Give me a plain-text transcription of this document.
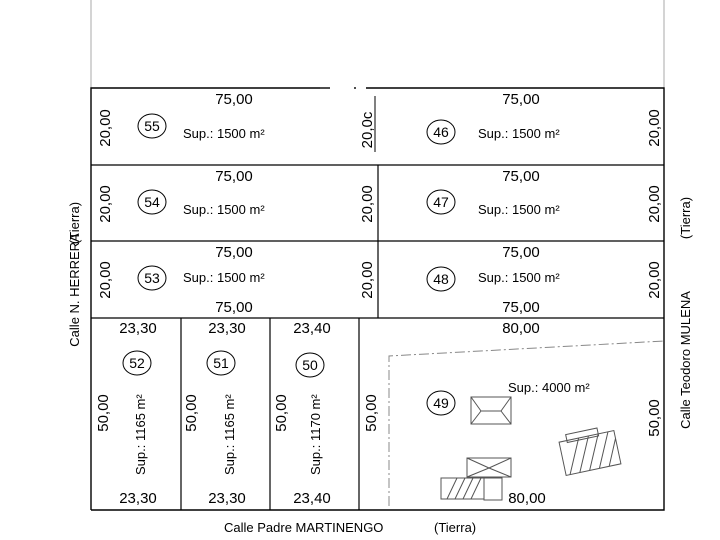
55
54
53
46
47
48
52	51	50
49
Sup.: 1500 m²
Sup.: 1500 m²
Sup.: 1500 m²
Sup.: 1500 m²
Sup.: 1500 m²
Sup.: 1500 m²
Sup.: 4000 m²
Sup.: 1165 m²	Sup.: 1165 m²	Sup.: 1170 m²
75,00
75,00
75,00
75,00
75,00
75,00
75,00
75,00
23,30	23,30	23,40	80,00
23,30	23,30	23,40	80,00
20,00
20,00
20,00
20,0c
20,00
20,00
20,00
20,00
20,00
50,00	50,00	50,00	50,00	50,00
Calle N. HERRERA
(Tierra)
Calle Teodoro MULENA
(Tierra)
Calle Padre MARTINENGO	(Tierra)
